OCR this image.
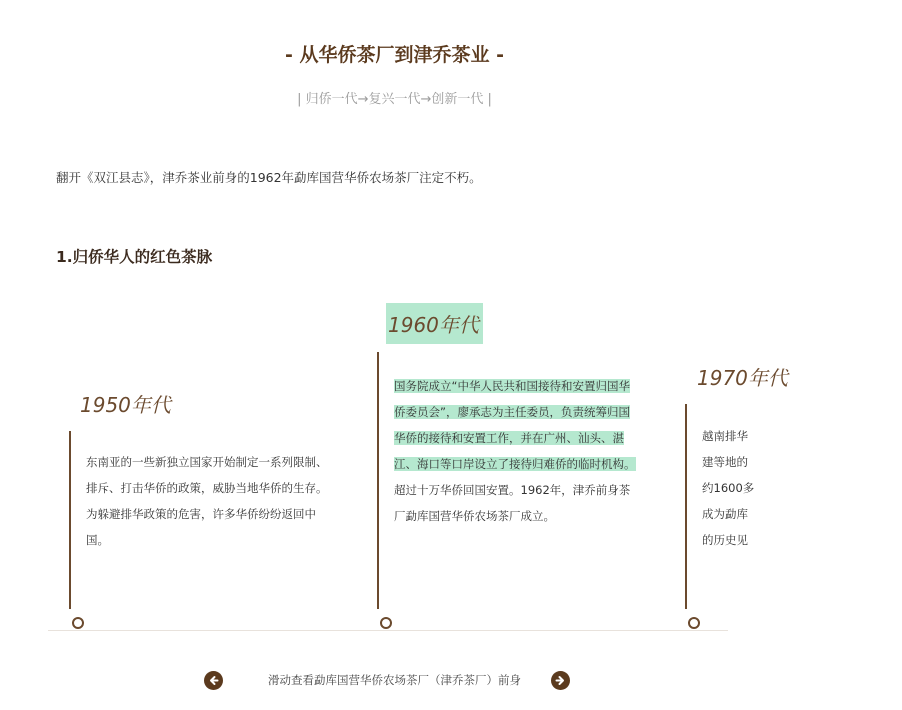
- 从华侨茶厂到津乔茶业 -
| 归侨一代→复兴一代→创新一代 |
翻开《双江县志》，津乔茶业前身的1962年勐库国营华侨农场茶厂注定不朽。
1.归侨华人的红色茶脉
1950年代
东南亚的一些新独立国家开始制定一系列限制、
排斥、打击华侨的政策，威胁当地华侨的生存。
为躲避排华政策的危害，许多华侨纷纷返回中
国。
1960年代
国务院成立“中华人民共和国接待和安置归国华
侨委员会”，廖承志为主任委员，负责统筹归国
华侨的接待和安置工作，并在广州、汕头、湛
江、海口等口岸设立了接待归难侨的临时机构。
超过十万华侨回国安置。1962年，津乔前身茶
厂勐库国营华侨农场茶厂成立。
1970年代
越南排华
建等地的
约1600多
成为勐库
的历史见
滑动查看勐库国营华侨农场茶厂（津乔茶厂）前身
